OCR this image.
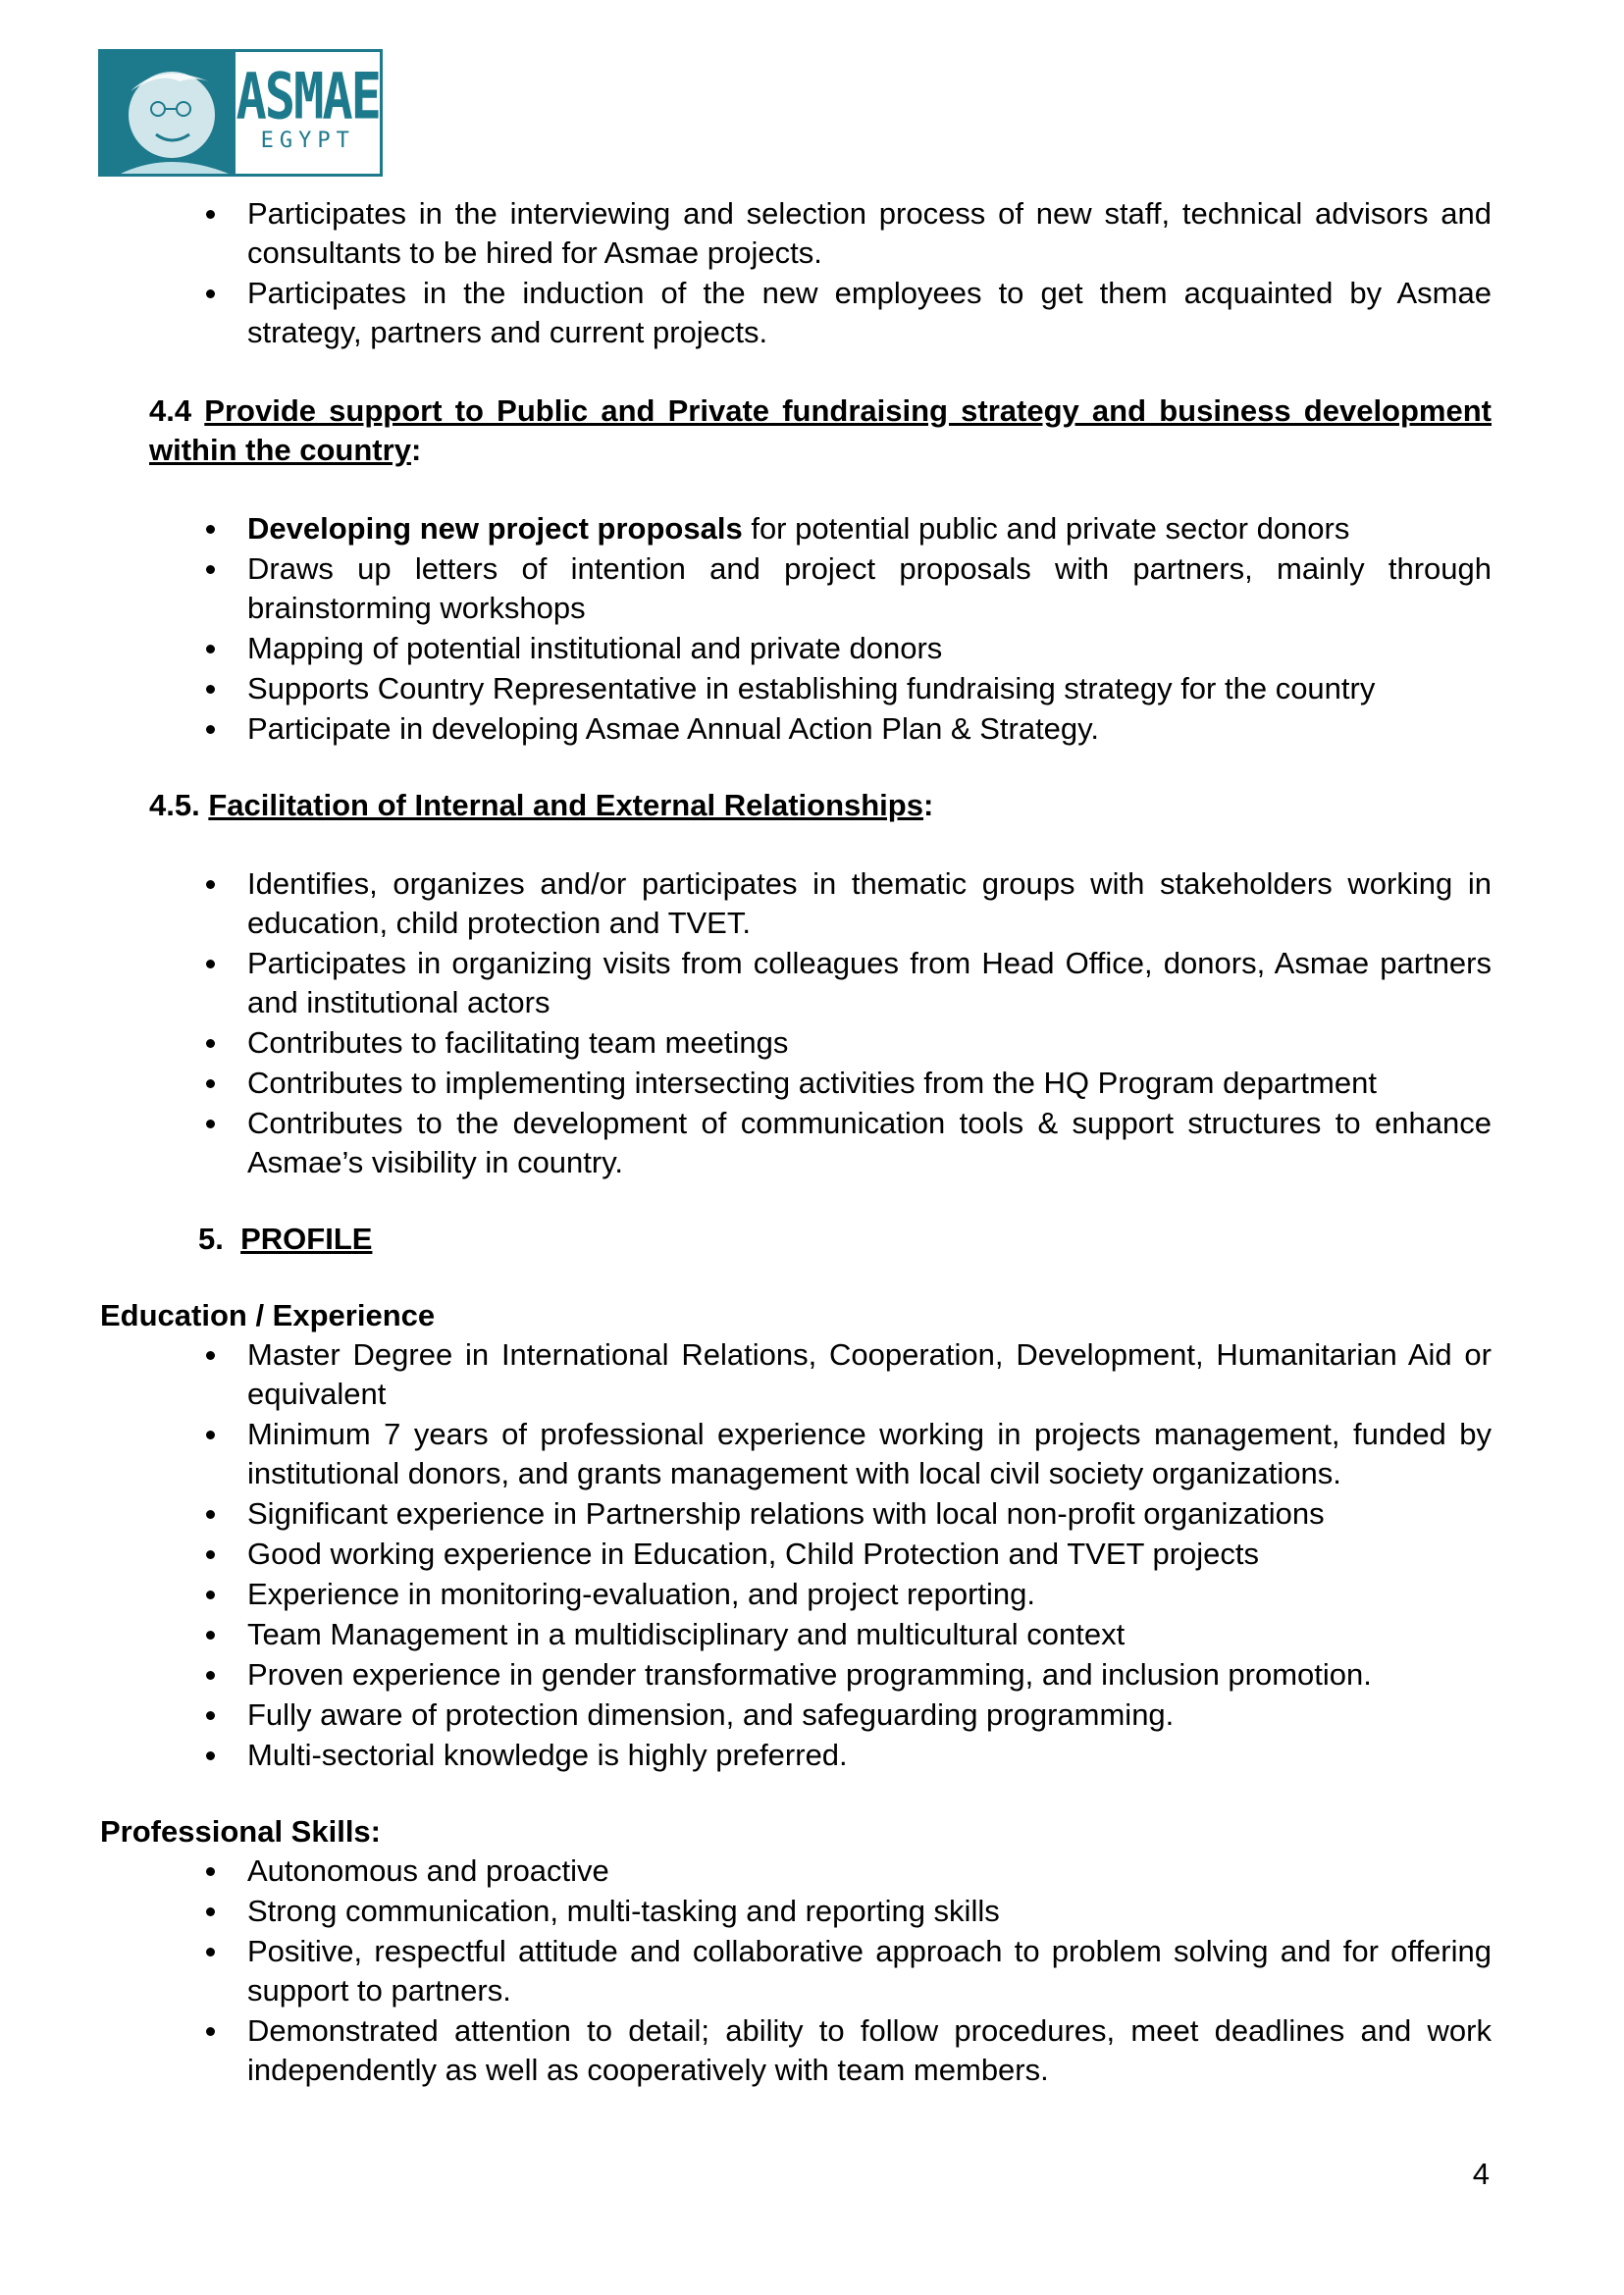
ASMAE
EGYPT
Participates in the interviewing and selection process of new staff, technical advisors and consultants to be hired for Asmae projects.
Participates in the induction of the new employees to get them acquainted by Asmae strategy, partners and current projects.
4.4 Provide support to Public and Private fundraising strategy and business development within the country:
Developing new project proposals for potential public and private sector donors
Draws up letters of intention and project proposals with partners, mainly through brainstorming workshops
Mapping of potential institutional and private donors
Supports Country Representative in establishing fundraising strategy for the country
Participate in developing Asmae Annual Action Plan & Strategy.
4.5. Facilitation of Internal and External Relationships:
Identifies, organizes and/or participates in thematic groups with stakeholders working in education, child protection and TVET.
Participates in organizing visits from colleagues from Head Office, donors, Asmae partners and institutional actors
Contributes to facilitating team meetings
Contributes to implementing intersecting activities from the HQ Program department
Contributes to the development of communication tools & support structures to enhance Asmae’s visibility in country.
5. PROFILE
Education / Experience
Master Degree in International Relations, Cooperation, Development, Humanitarian Aid or equivalent
Minimum 7 years of professional experience working in projects management, funded by institutional donors, and grants management with local civil society organizations.
Significant experience in Partnership relations with local non-profit organizations
Good working experience in Education, Child Protection and TVET projects
Experience in monitoring-evaluation, and project reporting.
Team Management in a multidisciplinary and multicultural context
Proven experience in gender transformative programming, and inclusion promotion.
Fully aware of protection dimension, and safeguarding programming.
Multi-sectorial knowledge is highly preferred.
Professional Skills:
Autonomous and proactive
Strong communication, multi-tasking and reporting skills
Positive, respectful attitude and collaborative approach to problem solving and for offering support to partners.
Demonstrated attention to detail; ability to follow procedures, meet deadlines and work independently as well as cooperatively with team members.
4
